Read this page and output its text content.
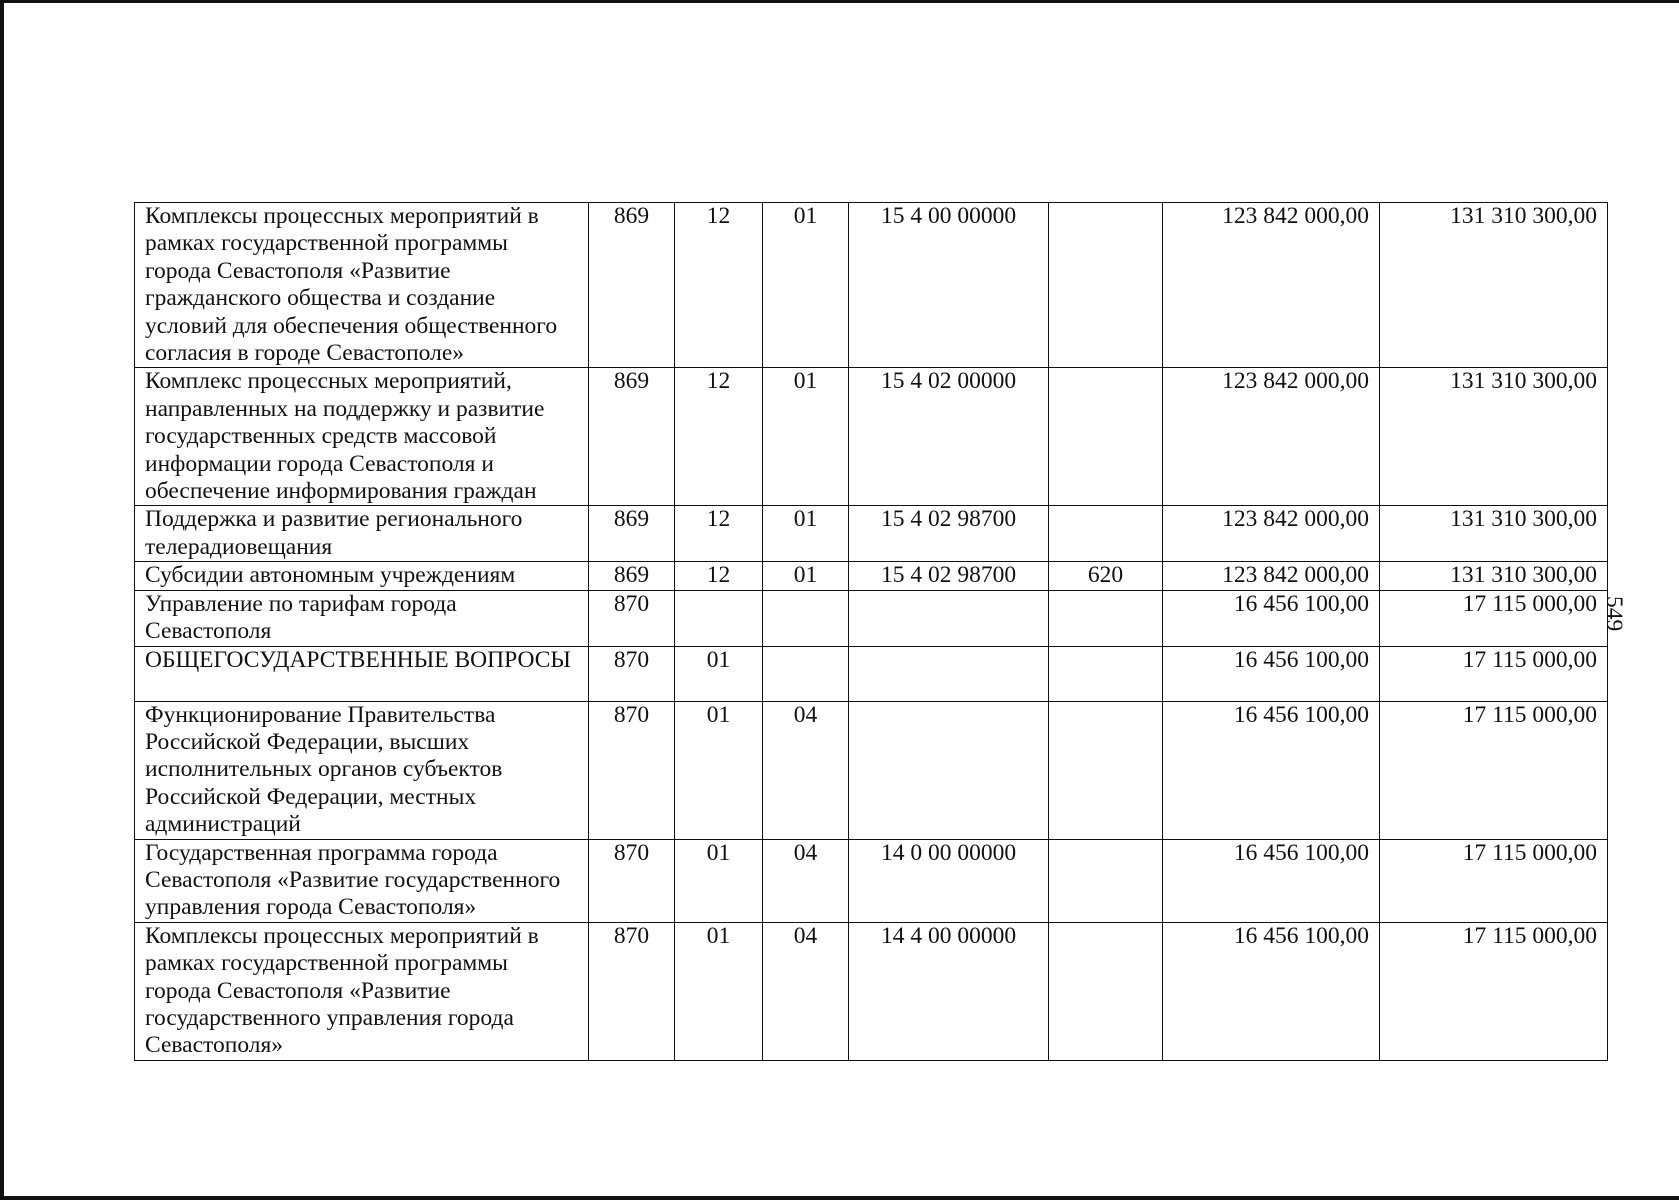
Комплексы процессных мероприятий в рамках государственной программы города Севастополя «Развитие гражданского общества и создание условий для обеспечения общественного согласия в городе Севастополе»	869	12	01	15 4 00 00000		123 842 000,00	131 310 300,00
Комплекс процессных мероприятий, направленных на поддержку и развитие государственных средств массовой информации города Севастополя и обеспечение информирования граждан	869	12	01	15 4 02 00000		123 842 000,00	131 310 300,00
Поддержка и развитие регионального телерадиовещания	869	12	01	15 4 02 98700		123 842 000,00	131 310 300,00
Субсидии автономным учреждениям	869	12	01	15 4 02 98700	620	123 842 000,00	131 310 300,00
Управление по тарифам города Севастополя	870					16 456 100,00	17 115 000,00
ОБЩЕГОСУДАРСТВЕННЫЕ ВОПРОСЫ	870	01				16 456 100,00	17 115 000,00
Функционирование Правительства Российской Федерации, высших исполнительных органов субъектов Российской Федерации, местных администраций	870	01	04			16 456 100,00	17 115 000,00
Государственная программа города Севастополя «Развитие государственного управления города Севастополя»	870	01	04	14 0 00 00000		16 456 100,00	17 115 000,00
Комплексы процессных мероприятий в рамках государственной программы города Севастополя «Развитие государственного управления города Севастополя»	870	01	04	14 4 00 00000		16 456 100,00	17 115 000,00
549
